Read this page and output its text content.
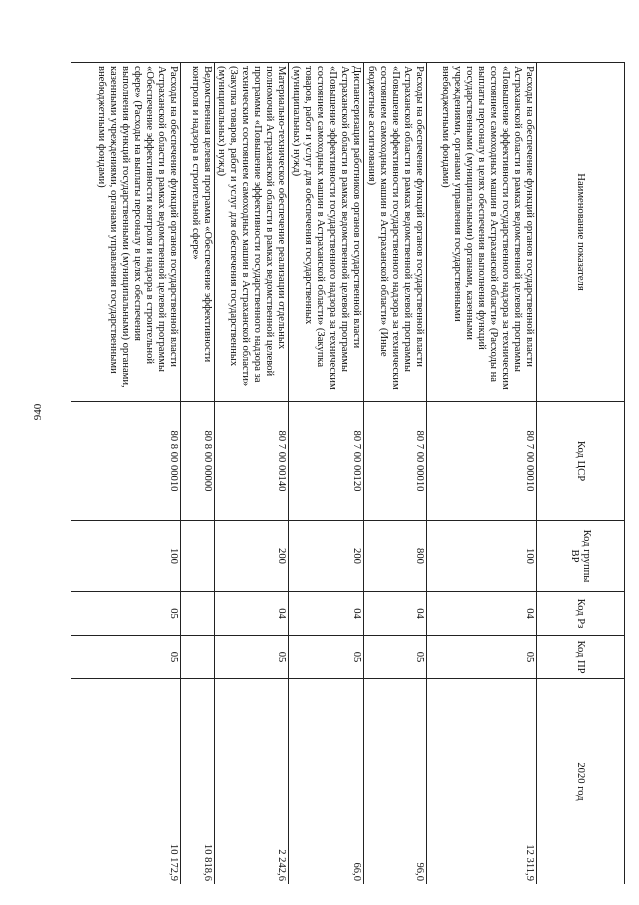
940
Наименование показателя	Код ЦСР	Код группы ВР	Код Рз	Код ПР	2020 год
Расходы на обеспечение функций органов государственной власти Астраханской области в рамках ведомственной целевой программы «Повышение эффективности государственного надзора за техническим состоянием самоходных машин в Астраханской области» (Расходы на выплаты персоналу в целях обеспечения выполнения функций государственными (муниципальными) органами, казенными учреждениями, органами управления государственными внебюджетными фондами)	80 7 00 00010	100	04	05	12 311,9
Расходы на обеспечение функций органов государственной власти Астраханской области в рамках ведомственной целевой программы «Повышение эффективности государственного надзора за техническим состоянием самоходных машин в Астраханской области» (Иные бюджетные ассигнования)	80 7 00 00010	800	04	05	96,0
Диспансеризация работников органов государственной власти Астраханской области в рамках ведомственной целевой программы «Повышение эффективности государственного надзора за техническим состоянием самоходных машин в Астраханской области» (Закупка товаров, работ и услуг для обеспечения государственных (муниципальных) нужд)	80 7 00 00120	200	04	05	66,0
Материально-техническое обеспечение реализации отдельных полномочий Астраханской области в рамках ведомственной целевой программы «Повышение эффективности государственного надзора за техническим состоянием самоходных машин в Астраханской области» (Закупка товаров, работ и услуг для обеспечения государственных (муниципальных) нужд)	80 7 00 00140	200	04	05	2 242,6
Ведомственная целевая программа «Обеспечение эффективности контроля и надзора в строительной сфере»	80 8 00 00000				10 818,6
Расходы на обеспечение функций органов государственной власти Астраханской области в рамках ведомственной целевой программы «Обеспечение эффективности контроля и надзора в строительной сфере» (Расходы на выплаты персоналу в целях обеспечения выполнения функций государственными (муниципальными) органами, казенными учреждениями, органами управления государственными внебюджетными фондами)	80 8 00 00010	100	05	05	10 172,9
